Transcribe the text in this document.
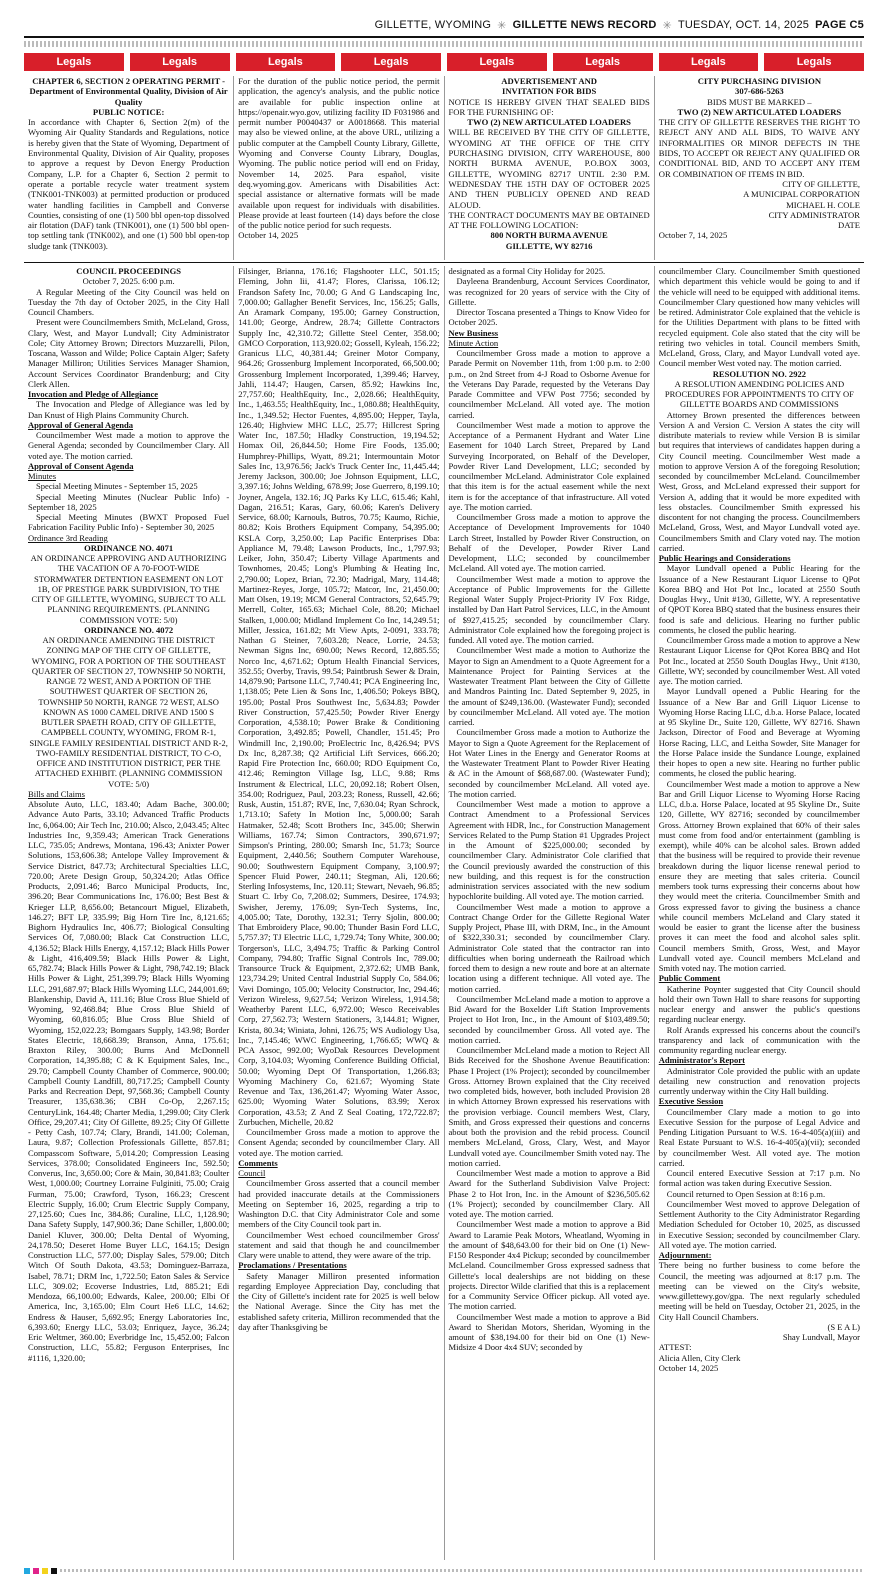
GILLETTE, WYOMING ✳ GILLETTE NEWS RECORD ✳ TUESDAY, OCT. 14, 2025 PAGE C5
Legals	Legals	Legals	Legals	Legals	Legals	Legals	Legals
CHAPTER 6, SECTION 2 OPERATING PERMIT - Department of Environmental Quality, Division of Air Quality
PUBLIC NOTICE:
In accordance with Chapter 6, Section 2(m) of the Wyoming Air Quality Standards and Regulations, notice is hereby given that the State of Wyoming, Department of Environmental Quality, Division of Air Quality, proposes to approve a request by Devon Energy Production Company, L.P. for a Chapter 6, Section 2 permit to operate a portable recycle water treatment system (TNK001-TNK003) at permitted production or produced water handling facilities in Campbell and Converse Counties, consisting of one (1) 500 bbl open-top dissolved air flotation (DAF) tank (TNK001), one (1) 500 bbl open-top settling tank (TNK002), and one (1) 500 bbl open-top sludge tank (TNK003).
For the duration of the public notice period, the permit application, the agency's analysis, and the public notice are available for public inspection online at https://openair.wyo.gov, utilizing facility ID F031986 and permit number P0040437 or A0018668. This material may also be viewed online, at the above URL, utilizing a public computer at the Campbell County Library, Gillette, Wyoming and Converse County Library, Douglas, Wyoming. The public notice period will end on Friday, November 14, 2025. Para español, visite deq.wyoming.gov. Americans with Disabilities Act: special assistance or alternative formats will be made available upon request for individuals with disabilities. Please provide at least fourteen (14) days before the close of the public notice period for such requests.
October 14, 2025
ADVERTISEMENT AND
INVITATION FOR BIDS
NOTICE IS HEREBY GIVEN THAT SEALED BIDS FOR THE FURNISHING OF:
TWO (2) NEW ARTICULATED LOADERS
WILL BE RECEIVED BY THE CITY OF GILLETTE, WYOMING AT THE OFFICE OF THE CITY PURCHASING DIVISION, CITY WAREHOUSE, 800 NORTH BURMA AVENUE, P.O.BOX 3003, GILLETTE, WYOMING 82717 UNTIL 2:30 P.M. WEDNESDAY THE 15TH DAY OF OCTOBER 2025 AND THEN PUBLICLY OPENED AND READ ALOUD.
THE CONTRACT DOCUMENTS MAY BE OBTAINED AT THE FOLLOWING LOCATION:
800 NORTH BURMA AVENUE
GILLETTE, WY 82716
CITY PURCHASING DIVISION
307-686-5263
BIDS MUST BE MARKED –
TWO (2) NEW ARTICULATED LOADERS
THE CITY OF GILLETTE RESERVES THE RIGHT TO REJECT ANY AND ALL BIDS, TO WAIVE ANY INFORMALITIES OR MINOR DEFECTS IN THE BIDS, TO ACCEPT OR REJECT ANY QUALIFIED OR CONDITIONAL BID, AND TO ACCEPT ANY ITEM OR COMBINATION OF ITEMS IN BID.
CITY OF GILLETTE,
A MUNICIPAL CORPORATION
MICHAEL H. COLE
CITY ADMINISTRATOR
DATE
October 7, 14, 2025

COUNCIL PROCEEDINGS

October 7, 2025. 6:00 p.m.

A Regular Meeting of the City Council was held on Tuesday the 7th day of October 2025, in the City Hall Council Chambers.

Present were Councilmembers Smith, McLeland, Gross, Clary, West, and Mayor Lundvall; City Administrator Cole; City Attorney Brown; Directors Muzzarelli, Pilon, Toscana, Wasson and Wilde; Police Captain Alger; Safety Manager Milliron; Utilities Services Manager Shamion, Account Services Coordinator Brandenburg; and City Clerk Allen.

Invocation and Pledge of Allegiance

The Invocation and Pledge of Allegiance was led by Dan Knust of High Plains Community Church.

Approval of General Agenda

Councilmember West made a motion to approve the General Agenda; seconded by Councilmember Clary. All voted aye. The motion carried.

Approval of Consent Agenda

Minutes

Special Meeting Minutes - September 15, 2025

Special Meeting Minutes (Nuclear Public Info) - September 18, 2025

Special Meeting Minutes (BWXT Proposed Fuel Fabrication Facility Public Info) - September 30, 2025

Ordinance 3rd Reading

ORDINANCE NO. 4071

AN ORDINANCE APPROVING AND AUTHORIZING THE VACATION OF A 70-FOOT-WIDE STORMWATER DETENTION EASEMENT ON LOT 1B, OF PRESTIGE PARK SUBDIVISION, TO THE CITY OF GILLETTE, WYOMING, SUBJECT TO ALL PLANNING REQUIREMENTS. (PLANNING COMMISSION VOTE: 5/0)

ORDINANCE NO. 4072

AN ORDINANCE AMENDING THE DISTRICT ZONING MAP OF THE CITY OF GILLETTE, WYOMING, FOR A PORTION OF THE SOUTHEAST QUARTER OF SECTION 27, TOWNSHIP 50 NORTH, RANGE 72 WEST, AND A PORTION OF THE SOUTHWEST QUARTER OF SECTION 26, TOWNSHIP 50 NORTH, RANGE 72 WEST, ALSO KNOWN AS 1000 CAMEL DRIVE AND 1500 S BUTLER SPAETH ROAD, CITY OF GILLETTE, CAMPBELL COUNTY, WYOMING, FROM R-1, SINGLE FAMILY RESIDENTIAL DISTRICT AND R-2, TWO-FAMILY RESIDENTIAL DISTRICT, TO C-O, OFFICE AND INSTITUTION DISTRICT, PER THE ATTACHED EXHIBIT. (PLANNING COMMISSION VOTE: 5/0)

Bills and Claims

Absolute Auto, LLC, 183.40; Adam Bache, 300.00; Advance Auto Parts, 33.10; Advanced Traffic Products Inc, 6,064.00; Air Tech Inc, 210.00; Alsco, 2,043.45; Altec Industries Inc, 9,359.43; American Track Generations LLC, 735.05; Andrews, Montana, 196.43; Anixter Power Solutions, 153,606.38; Antelope Valley Improvement & Service District, 847.73; Architectural Specialties LLC, 720.00; Arete Design Group, 50,324.20; Atlas Office Products, 2,091.46; Barco Municipal Products, Inc, 396.20; Bear Communications Inc, 176.00; Best Best & Krieger LLP, 8,656.00; Betancourt Miguel, Elizabeth, 146.27; BFT LP, 335.99; Big Horn Tire Inc, 8,121.65; Bighorn Hydraulics Inc, 406.77; Biological Consulting Services Of, 7,080.00; Black Cat Construction LLC, 4,136.52; Black Hills Energy, 4,157.12; Black Hills Power & Light, 416,409.59; Black Hills Power & Light, 65,782.74; Black Hills Power & Light, 798,742.19; Black Hills Power & Light, 251,399.79; Black Hills Wyoming LLC, 291,687.97; Black Hills Wyoming LLC, 244,001.69; Blankenship, David A, 111.16; Blue Cross Blue Shield of Wyoming, 92,468.84; Blue Cross Blue Shield of Wyoming, 60,816.05; Blue Cross Blue Shield of Wyoming, 152,022.23; Bomgaars Supply, 143.98; Border States Electric, 18,668.39; Branson, Anna, 175.61; Braxton Riley, 300.00; Burns And McDonnell Corporation, 14,395.88; C & K Equipment Sales, Inc., 29.70; Campbell County Chamber of Commerce, 900.00; Campbell County Landfill, 80,717.25; Campbell County Parks and Recreation Dept, 97,568.36; Campbell County Treasurer, 135,638.36; CBH Co-Op, 2,267.15; CenturyLink, 164.48; Charter Media, 1,299.00; City Clerk Office, 29,207.41; City Of Gillette, 89.25; City Of Gillette - Petty Cash, 107.74; Clary, Brandi, 141.00; Coleman, Laura, 9.87; Collection Professionals Gillette, 857.81; Compasscom Software, 5,014.20; Compression Leasing Services, 378.00; Consolidated Engineers Inc, 592.50; Converus, Inc, 3,650.00; Core & Main, 30,841.83; Coulter West, 1,000.00; Courtney Lorraine Fulginiti, 75.00; Craig Furman, 75.00; Crawford, Tyson, 166.23; Crescent Electric Supply, 16.00; Crum Electric Supply Company, 27,125.60; Cues Inc, 384.86; Curaline, LLC, 1,128.90; Dana Safety Supply, 147,900.36; Dane Schiller, 1,800.00; Daniel Kluver, 300.00; Delta Dental of Wyoming, 24,178.50; Deseret Home Buyer LLC, 164.15; Design Construction LLC, 577.00; Display Sales, 579.00; Ditch Witch Of South Dakota, 43.53; Dominguez-Barraza, Isabel, 78.71; DRM Inc, 1,722.50; Eaton Sales & Service LLC, 309.02; Ecoverse Industries, Ltd, 885.21; Edi Mendoza, 66,100.00; Edwards, Kalee, 200.00; Elbi Of America, Inc, 3,165.00; Elm Court He6 LLC, 14.62; Endress & Hauser, 5,692.95; Energy Laboratories Inc, 6,393.60; Energy LLC, 53.03; Enriquez, Jayce, 36.24; Eric Weltmer, 360.00; Everbridge Inc, 15,452.00; Falcon Construction, LLC, 55.82; Ferguson Enterprises, Inc #1116, 1,320.00;

Filsinger, Brianna, 176.16; Flagshooter LLC, 501.15; Fleming, John Iii, 41.47; Flores, Clarissa, 106.12; Frandson Safety Inc, 70.00; G And G Landscaping Inc, 7,000.00; Gallagher Benefit Services, Inc, 156.25; Galls, An Aramark Company, 195.00; Garney Construction, 141.00; George, Andrew, 28.74; Gillette Contractors Supply Inc, 42,310.72; Gillette Steel Center, 358.00; GMCO Corporation, 113,920.02; Gossell, Kyleah, 156.22; Granicus LLC, 40,381.44; Greiner Motor Company, 964.26; Grossenburg Implement Incorporated, 66,500.00; Grossenburg Implement Incorporated, 1,399.46; Harvey, Jahli, 114.47; Haugen, Carsen, 85.92; Hawkins Inc, 27,757.60; HealthEquity, Inc., 2,028.66; HealthEquity, Inc., 1,463.55; HealthEquity, Inc., 1,080.88; HealthEquity, Inc., 1,349.52; Hector Fuentes, 4,895.00; Hepper, Tayla, 126.40; Highview MHC LLC, 25.77; Hillcrest Spring Water Inc, 187.50; Hladky Construction, 19,194.52; Homax Oil, 26,844.50; Home Fire Foods, 135.00; Humphrey-Phillips, Wyatt, 89.21; Intermountain Motor Sales Inc, 13,976.56; Jack's Truck Center Inc, 11,445.44; Jeremy Jackson, 300.00; Joe Johnson Equipment, LLC, 3,397.16; Johns Welding, 678.99; Jose Guerrero, 8,199.10; Joyner, Angela, 132.16; JQ Parks Ky LLC, 615.46; Kahl, Dagan, 216.51; Karas, Gary, 60.06; Karen's Delivery Service, 68.00; Karnouls, Butros, 70.75; Kaumo, Richie, 80.82; Kois Brothers Equipment Company, 54,395.00; KSLA Corp, 3,250.00; Lap Pacific Enterprises Dba: Appliance M, 79.48; Lawson Products, Inc., 1,797.93; Leiker, John, 350.47; Liberty Village Apartments and Townhomes, 20.45; Long's Plumbing & Heating Inc, 2,790.00; Lopez, Brian, 72.30; Madrigal, Mary, 114.48; Martinez-Reyes, Jorge, 105.72; Matcor, Inc, 21,450.00; Matt Olsen, 19.19; MCM General Contractors, 52,645.79; Merrell, Colter, 165.63; Michael Cole, 88.20; Michael Stalken, 1,000.00; Midland Implement Co Inc, 14,249.51; Miller, Jessica, 161.82; Mt View Apts, 2-0091, 333.78; Nathan G Steiner, 7,603.28; Neace, Lorrie, 24.53; Newman Signs Inc, 690.00; News Record, 12,885.55; Norco Inc, 4,671.62; Optum Health Financial Services, 352.55; Overby, Travis, 99.54; Paintbrush Sewer & Drain, 14,879.90; Partsone LLC, 7,740.41; PCA Engineering Inc, 1,138.05; Pete Lien & Sons Inc, 1,406.50; Pokeys BBQ, 195.00; Postal Pros Southwest Inc, 5,634.83; Powder River Construction, 57,425.50; Powder River Energy Corporation, 4,538.10; Power Brake & Conditioning Corporation, 3,492.85; Powell, Chandler, 151.45; Pro Windmill Inc, 2,190.00; ProElectric Inc, 8,426.94; PVS Dx Inc, 8,287.38; Q2 Artificial Lift Services, 666.20; Rapid Fire Protection Inc, 660.00; RDO Equipment Co, 412.46; Remington Village Isg, LLC, 9.88; Rms Instrument & Electrical, LLC, 20,092.18; Robert Olsen, 354.00; Rodriguez, Paul, 203.23; Roness, Russell, 42.66; Rusk, Austin, 151.87; RVE, Inc, 7,630.04; Ryan Schrock, 1,713.10; Safety In Motion Inc, 5,000.00; Sarah Hatmaker, 52.48; Scott Brothers Inc, 345.00; Sherwin Williams, 167.74; Simon Contractors, 390,671.97; Simpson's Printing, 280.00; Smarsh Inc, 51.73; Source Equipment, 2,440.56; Southern Computer Warehouse, 90.00; Southwestern Equipment Company, 3,100.97; Spencer Fluid Power, 240.11; Stegman, Ali, 120.66; Sterling Infosystems, Inc, 120.11; Stewart, Nevaeh, 96.85; Stuart C. Irby Co, 7,208.02; Summers, Desiree, 174.93; Swisher, Jeremy, 176.09; Syn-Tech Systems, Inc, 4,005.00; Tate, Dorothy, 132.31; Terry Sjolin, 800.00; That Embroidery Place, 90.00; Thunder Basin Ford LLC, 5,757.37; TJ Electric LLC, 1,729.74; Tony White, 300.00; Torgerson's, LLC, 3,494.75; Traffic & Parking Control Company, 794.80; Traffic Signal Controls Inc, 789.00; Transource Truck & Equipment, 2,372.62; UMB Bank, 123,734.29; United Central Industrial Supply Co, 584.06; Vavi Domingo, 105.00; Velocity Constructor, Inc, 294.46; Verizon Wireless, 9,627.54; Verizon Wireless, 1,914.58; Weatherby Parent LLC, 6,972.00; Wesco Receivables Corp, 27,562.73; Western Stationers, 3,144.81; Wigner, Krista, 80.34; Winiata, Johni, 126.75; WS Audiology Usa, Inc., 7,145.46; WWC Engineering, 1,766.65; WWQ & PCA Assoc, 992.00; WyoDak Resources Development Corp, 3,104.03; Wyoming Conference Building Official, 50.00; Wyoming Dept Of Transportation, 1,266.83; Wyoming Machinery Co, 621.67; Wyoming State Revenue and Tax, 136,261.47; Wyoming Water Assoc, 625.00; Wyoming Water Solutions, 83.99; Xerox Corporation, 43.53; Z And Z Seal Coating, 172,722.87; Zurbuchen, Michelle, 20.82

Councilmember Gross made a motion to approve the Consent Agenda; seconded by councilmember Clary. All voted aye. The motion carried.

Comments

Council

Councilmember Gross asserted that a council member had provided inaccurate details at the Commissioners Meeting on September 16, 2025, regarding a trip to Washington D.C. that City Administrator Cole and some members of the City Council took part in.

Councilmember West echoed councilmember Gross' statement and said that though he and councilmember Clary were unable to attend, they were aware of the trip.

Proclamations / Presentations

Safety Manager Milliron presented information regarding Employee Appreciation Day, concluding that the City of Gillette's incident rate for 2025 is well below the National Average. Since the City has met the established safety criteria, Milliron recommended that the day after Thanksgiving be

designated as a formal City Holiday for 2025.

Dayleena Brandenburg, Account Services Coordinator, was recognized for 20 years of service with the City of Gillette.

Director Toscana presented a Things to Know Video for October 2025.

New Business

Minute Action

Councilmember Gross made a motion to approve a Parade Permit on November 11th, from 1:00 p.m. to 2:00 p.m., on 2nd Street from 4-J Road to Osborne Avenue for the Veterans Day Parade, requested by the Veterans Day Parade Committee and VFW Post 7756; seconded by councilmember McLeland. All voted aye. The motion carried.

Councilmember West made a motion to approve the Acceptance of a Permanent Hydrant and Water Line Easement for 1040 Larch Street, Prepared by Land Surveying Incorporated, on Behalf of the Developer, Powder River Land Development, LLC; seconded by councilmember McLeland. Administrator Cole explained that this item is for the actual easement while the next item is for the acceptance of that infrastructure. All voted aye. The motion carried.

Councilmember Gross made a motion to approve the Acceptance of Development Improvements for 1040 Larch Street, Installed by Powder River Construction, on Behalf of the Developer, Powder River Land Development, LLC; seconded by councilmember McLeland. All voted aye. The motion carried.

Councilmember West made a motion to approve the Acceptance of Public Improvements for the Gillette Regional Water Supply Project-Priority IV Fox Ridge, installed by Dan Hart Patrol Services, LLC, in the Amount of $927,415.25; seconded by councilmember Clary. Administrator Cole explained how the foregoing project is funded. All voted aye. The motion carried.

Councilmember West made a motion to Authorize the Mayor to Sign an Amendment to a Quote Agreement for a Maintenance Project for Painting Services at the Wastewater Treatment Plant between the City of Gillette and Mandros Painting Inc. Dated September 9, 2025, in the amount of $249,136.00. (Wastewater Fund); seconded by councilmember McLeland. All voted aye. The motion carried.

Councilmember Gross made a motion to Authorize the Mayor to Sign a Quote Agreement for the Replacement of Hot Water Lines in the Energy and Generator Rooms at the Wastewater Treatment Plant to Powder River Heating & AC in the Amount of $68,687.00. (Wastewater Fund); seconded by councilmember McLeland. All voted aye. The motion carried.

Councilmember West made a motion to approve a Contract Amendment to a Professional Services Agreement with HDR, Inc., for Construction Management Services Related to the Pump Station #1 Upgrades Project in the Amount of $225,000.00; seconded by councilmember Clary. Administrator Cole clarified that the Council previously awarded the construction of this new building, and this request is for the construction administration services associated with the new sodium hypochlorite building. All voted aye. The motion carried.

Councilmember West made a motion to approve a Contract Change Order for the Gillette Regional Water Supply Project, Phase III, with DRM, Inc., in the Amount of $322,330.31; seconded by councilmember Clary. Administrator Cole stated that the contractor ran into difficulties when boring underneath the Railroad which forced them to design a new route and bore at an alternate location using a different technique. All voted aye. The motion carried.

Councilmember McLeland made a motion to approve a Bid Award for the Boxelder Lift Station Improvements Project to Hot Iron, Inc., in the Amount of $103,489.50; seconded by councilmember Gross. All voted aye. The motion carried.

Councilmember McLeland made a motion to Reject All Bids Received for the Shoshone Avenue Beautification: Phase I Project (1% Project); seconded by councilmember Gross. Attorney Brown explained that the City received two completed bids, however, both included Provision 28 in which Attorney Brown expressed his reservations with the provision verbiage. Council members West, Clary, Smith, and Gross expressed their questions and concerns about both the provision and the rebid process. Council members McLeland, Gross, Clary, West, and Mayor Lundvall voted aye. Councilmember Smith voted nay. The motion carried.

Councilmember West made a motion to approve a Bid Award for the Sutherland Subdivision Valve Project: Phase 2 to Hot Iron, Inc. in the Amount of $236,505.62 (1% Project); seconded by councilmember Clary. All voted aye. The motion carried.

Councilmember West made a motion to approve a Bid Award to Laramie Peak Motors, Wheatland, Wyoming in the amount of $48,643.00 for their bid on One (1) New-F150 Responder 4x4 Pickup; seconded by councilmember McLeland. Councilmember Gross expressed sadness that Gillette's local dealerships are not bidding on these projects. Director Wilde clarified that this is a replacement for a Community Service Officer pickup. All voted aye. The motion carried.

Councilmember West made a motion to approve a Bid Award to Sheridan Motors, Sheridan, Wyoming in the amount of $38,194.00 for their bid on One (1) New-Midsize 4 Door 4x4 SUV; seconded by

councilmember Clary. Councilmember Smith questioned which department this vehicle would be going to and if the vehicle will need to be equipped with additional items. Councilmember Clary questioned how many vehicles will be retired. Administrator Cole explained that the vehicle is for the Utilities Department with plans to be fitted with recycled equipment. Cole also stated that the city will be retiring two vehicles in total. Council members Smith, McLeland, Gross, Clary, and Mayor Lundvall voted aye. Council member West voted nay. The motion carried.

RESOLUTION NO. 2922

A RESOLUTION AMENDING POLICIES AND PROCEDURES FOR APPOINTMENTS TO CITY OF GILLETTE BOARDS AND COMMISSIONS

Attorney Brown presented the differences between Version A and Version C. Version A states the city will distribute materials to review while Version B is similar but requires that interviews of candidates happen during a City Council meeting. Councilmember West made a motion to approve Version A of the foregoing Resolution; seconded by councilmember McLeland. Councilmember West, Gross, and McLeland expressed their support for Version A, adding that it would be more expedited with less obstacles. Councilmember Smith expressed his discontent for not changing the process. Councilmembers McLeland, Gross, West, and Mayor Lundvall voted aye. Councilmembers Smith and Clary voted nay. The motion carried.

Public Hearings and Considerations

Mayor Lundvall opened a Public Hearing for the Issuance of a New Restaurant Liquor License to QPot Korea BBQ and Hot Pot Inc., located at 2550 South Douglas Hwy., Unit #130, Gillette, WY. A representative of QPOT Korea BBQ stated that the business ensures their food is safe and delicious. Hearing no further public comments, he closed the public hearing.

Councilmember Gross made a motion to approve a New Restaurant Liquor License for QPot Korea BBQ and Hot Pot Inc., located at 2550 South Douglas Hwy., Unit #130, Gillette, WY; seconded by councilmember West. All voted aye. The motion carried.

Mayor Lundvall opened a Public Hearing for the Issuance of a New Bar and Grill Liquor License to Wyoming Horse Racing LLC, d.b.a. Horse Palace, located at 95 Skyline Dr., Suite 120, Gillette, WY 82716. Shawn Jackson, Director of Food and Beverage at Wyoming Horse Racing, LLC, and Leitha Sowder, Site Manager for the Horse Palace inside the Sundance Lounge, explained their hopes to open a new site. Hearing no further public comments, he closed the public hearing.

Councilmember West made a motion to approve a New Bar and Grill Liquor License to Wyoming Horse Racing LLC, d.b.a. Horse Palace, located at 95 Skyline Dr., Suite 120, Gillette, WY 82716; seconded by councilmember Gross. Attorney Brown explained that 60% of their sales must come from food and/or entertainment (gambling is exempt), while 40% can be alcohol sales. Brown added that the business will be required to provide their revenue breakdown during the liquor license renewal period to ensure they are meeting that sales criteria. Council members took turns expressing their concerns about how they would meet the criteria. Councilmember Smith and Gross expressed favor to giving the business a chance while council members McLeland and Clary stated it would be easier to grant the license after the business proves it can meet the food and alcohol sales split. Council members Smith, Gross, West, and Mayor Lundvall voted aye. Council members McLeland and Smith voted nay. The motion carried.

Public Comment

Katherine Poynter suggested that City Council should hold their own Town Hall to share reasons for supporting nuclear energy and answer the public's questions regarding nuclear energy.

Rolf Arands expressed his concerns about the council's transparency and lack of communication with the community regarding nuclear energy.

Administrator's Report

Administrator Cole provided the public with an update detailing new construction and renovation projects currently underway within the City Hall building.

Executive Session

Councilmember Clary made a motion to go into Executive Session for the purpose of Legal Advice and Pending Litigation Pursuant to W.S. 16-4-405(a)(iii) and Real Estate Pursuant to W.S. 16-4-405(a)(vii); seconded by councilmember West. All voted aye. The motion carried.

Council entered Executive Session at 7:17 p.m. No formal action was taken during Executive Session.

Council returned to Open Session at 8:16 p.m.

Councilmember West moved to approve Delegation of Settlement Authority to the City Administrator Regarding Mediation Scheduled for October 10, 2025, as discussed in Executive Session; seconded by councilmember Clary. All voted aye. The motion carried.

Adjournment:

There being no further business to come before the Council, the meeting was adjourned at 8:17 p.m. The meeting can be viewed on the City's website, www.gillettewy.gov/gpa. The next regularly scheduled meeting will be held on Tuesday, October 21, 2025, in the City Hall Council Chambers.

(S E A L)

Shay Lundvall, Mayor

ATTEST:

Alicia Allen, City Clerk

October 14, 2025
